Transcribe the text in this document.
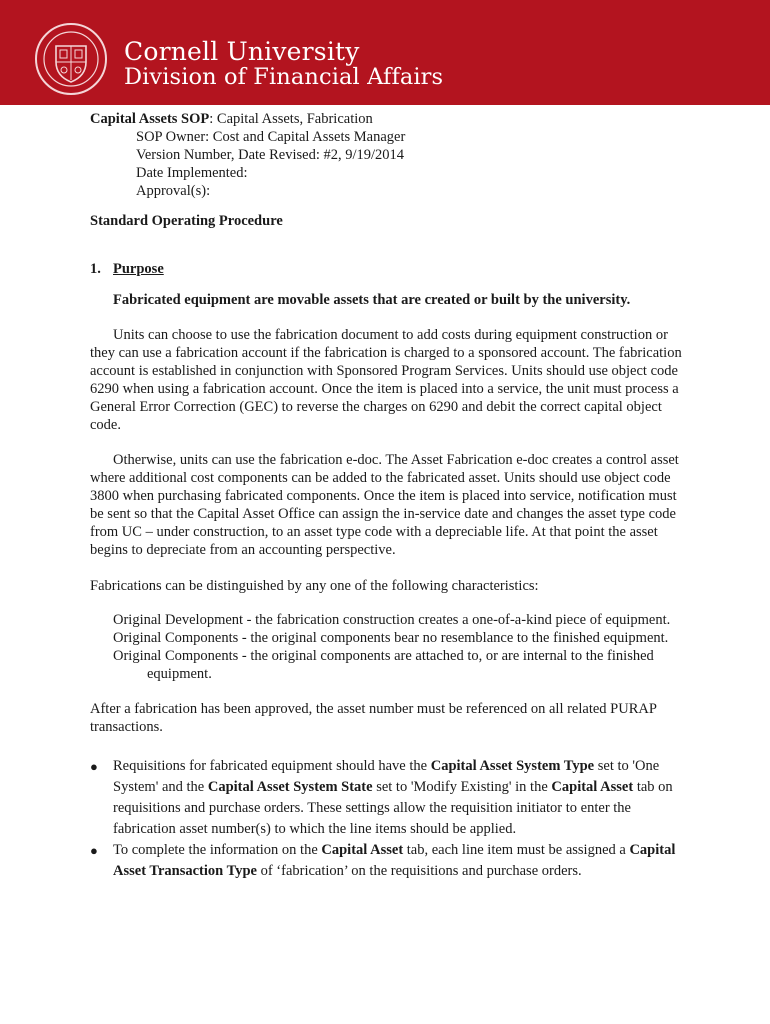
Cornell University
Division of Financial Affairs
Capital Assets SOP: Capital Assets, Fabrication
SOP Owner: Cost and Capital Assets Manager
Version Number, Date Revised: #2, 9/19/2014
Date Implemented:
Approval(s):
Standard Operating Procedure
1. Purpose
Fabricated equipment are movable assets that are created or built by the university.

Units can choose to use the fabrication document to add costs during equipment construction or they can use a fabrication account if the fabrication is charged to a sponsored account. The fabrication account is established in conjunction with Sponsored Program Services. Units should use object code 6290 when using a fabrication account. Once the item is placed into a service, the unit must process a General Error Correction (GEC) to reverse the charges on 6290 and debit the correct capital object code.

Otherwise, units can use the fabrication e-doc. The Asset Fabrication e-doc creates a control asset where additional cost components can be added to the fabricated asset. Units should use object code 3800 when purchasing fabricated components. Once the item is placed into service, notification must be sent so that the Capital Asset Office can assign the in-service date and changes the asset type code from UC – under construction, to an asset type code with a depreciable life. At that point the asset begins to depreciate from an accounting perspective.

Fabrications can be distinguished by any one of the following characteristics:

Original Development - the fabrication construction creates a one-of-a-kind piece of equipment.
Original Components - the original components bear no resemblance to the finished equipment.
Original Components - the original components are attached to, or are internal to the finished equipment.

After a fabrication has been approved, the asset number must be referenced on all related PURAP transactions.

● Requisitions for fabricated equipment should have the Capital Asset System Type set to 'One System' and the Capital Asset System State set to 'Modify Existing' in the Capital Asset tab on requisitions and purchase orders. These settings allow the requisition initiator to enter the fabrication asset number(s) to which the line items should be applied.
● To complete the information on the Capital Asset tab, each line item must be assigned a Capital Asset Transaction Type of ‘fabrication’ on the requisitions and purchase orders.
